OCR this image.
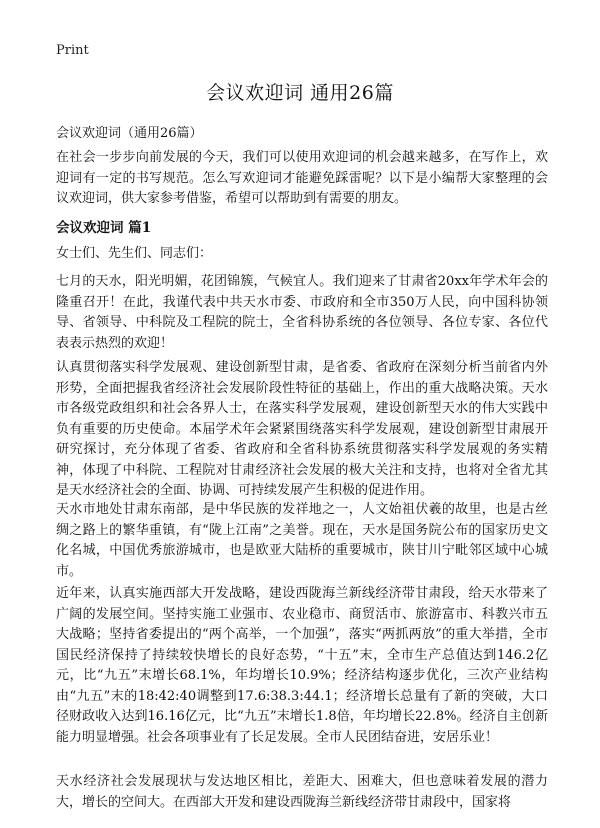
Print
会议欢迎词 通用26篇
会议欢迎词（通用26篇）

在社会一步步向前发展的今天，我们可以使用欢迎词的机会越来越多，在写作上，欢迎词有一定的书写规范。怎么写欢迎词才能避免踩雷呢？以下是小编帮大家整理的会议欢迎词，供大家参考借鉴，希望可以帮助到有需要的朋友。

会议欢迎词 篇1

女士们、先生们、同志们：

七月的天水，阳光明媚，花团锦簇，气候宜人。我们迎来了甘肃省20xx年学术年会的隆重召开！在此，我谨代表中共天水市委、市政府和全市350万人民，向中国科协领导、省领导、中科院及工程院的院士，全省科协系统的各位领导、各位专家、各位代表表示热烈的欢迎！

认真贯彻落实科学发展观、建设创新型甘肃，是省委、省政府在深刻分析当前省内外形势，全面把握我省经济社会发展阶段性特征的基础上，作出的重大战略决策。天水市各级党政组织和社会各界人士，在落实科学发展观，建设创新型天水的伟大实践中负有重要的历史使命。本届学术年会紧紧围绕落实科学发展观，建设创新型甘肃展开研究探讨，充分体现了省委、省政府和全省科协系统贯彻落实科学发展观的务实精神，体现了中科院、工程院对甘肃经济社会发展的极大关注和支持，也将对全省尤其是天水经济社会的全面、协调、可持续发展产生积极的促进作用。

天水市地处甘肃东南部，是中华民族的发祥地之一，人文始祖伏羲的故里，也是古丝绸之路上的繁华重镇，有“陇上江南”之美誉。现在，天水是国务院公布的国家历史文化名城，中国优秀旅游城市，也是欧亚大陆桥的重要城市，陕甘川宁毗邻区域中心城市。

近年来，认真实施西部大开发战略，建设西陇海兰新线经济带甘肃段，给天水带来了广阔的发展空间。坚持实施工业强市、农业稳市、商贸活市、旅游富市、科教兴市五大战略；坚持省委提出的“两个高举，一个加强”，落实“两抓两放”的重大举措，全市国民经济保持了持续较快增长的良好态势，“十五”末，全市生产总值达到146.2亿元，比“九五”末增长68.1%，年均增长10.9%；经济结构逐步优化，三次产业结构由“九五”末的18:42:40调整到17.6:38.3:44.1；经济增长总量有了新的突破，大口径财政收入达到16.16亿元，比“九五”末增长1.8倍，年均增长22.8%。经济自主创新能力明显增强。社会各项事业有了长足发展。全市人民团结奋进，安居乐业！

天水经济社会发展现状与发达地区相比，差距大、困难大，但也意味着发展的潜力大，增长的空间大。在西部大开发和建设西陇海兰新线经济带甘肃段中，国家将
